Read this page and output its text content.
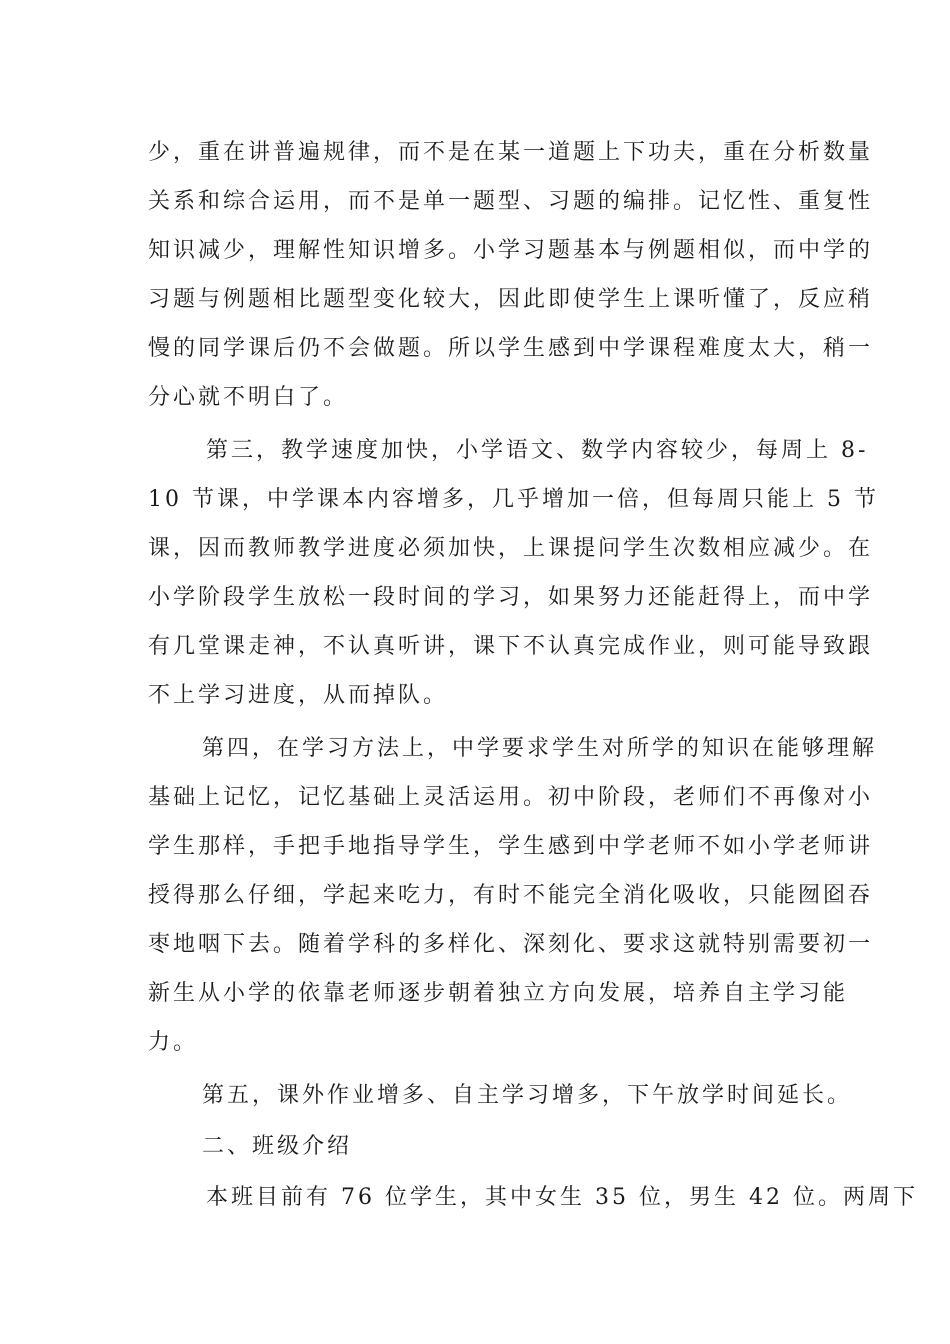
少，重在讲普遍规律，而不是在某一道题上下功夫，重在分析数量
关系和综合运用，而不是单一题型、习题的编排。记忆性、重复性
知识减少，理解性知识增多。小学习题基本与例题相似，而中学的
习题与例题相比题型变化较大，因此即使学生上课听懂了，反应稍
慢的同学课后仍不会做题。所以学生感到中学课程难度太大，稍一
分心就不明白了。
第三，教学速度加快，小学语文、数学内容较少，每周上 8-
10 节课，中学课本内容增多，几乎增加一倍，但每周只能上 5 节
课，因而教师教学进度必须加快，上课提问学生次数相应减少。在
小学阶段学生放松一段时间的学习，如果努力还能赶得上，而中学
有几堂课走神，不认真听讲，课下不认真完成作业，则可能导致跟
不上学习进度，从而掉队。
第四，在学习方法上，中学要求学生对所学的知识在能够理解
基础上记忆，记忆基础上灵活运用。初中阶段，老师们不再像对小
学生那样，手把手地指导学生，学生感到中学老师不如小学老师讲
授得那么仔细，学起来吃力，有时不能完全消化吸收，只能囫囵吞
枣地咽下去。随着学科的多样化、深刻化、要求这就特别需要初一
新生从小学的依靠老师逐步朝着独立方向发展，培养自主学习能
力。
第五，课外作业增多、自主学习增多，下午放学时间延长。
二、班级介绍
本班目前有 76 位学生，其中女生 35 位，男生 42 位。两周下
